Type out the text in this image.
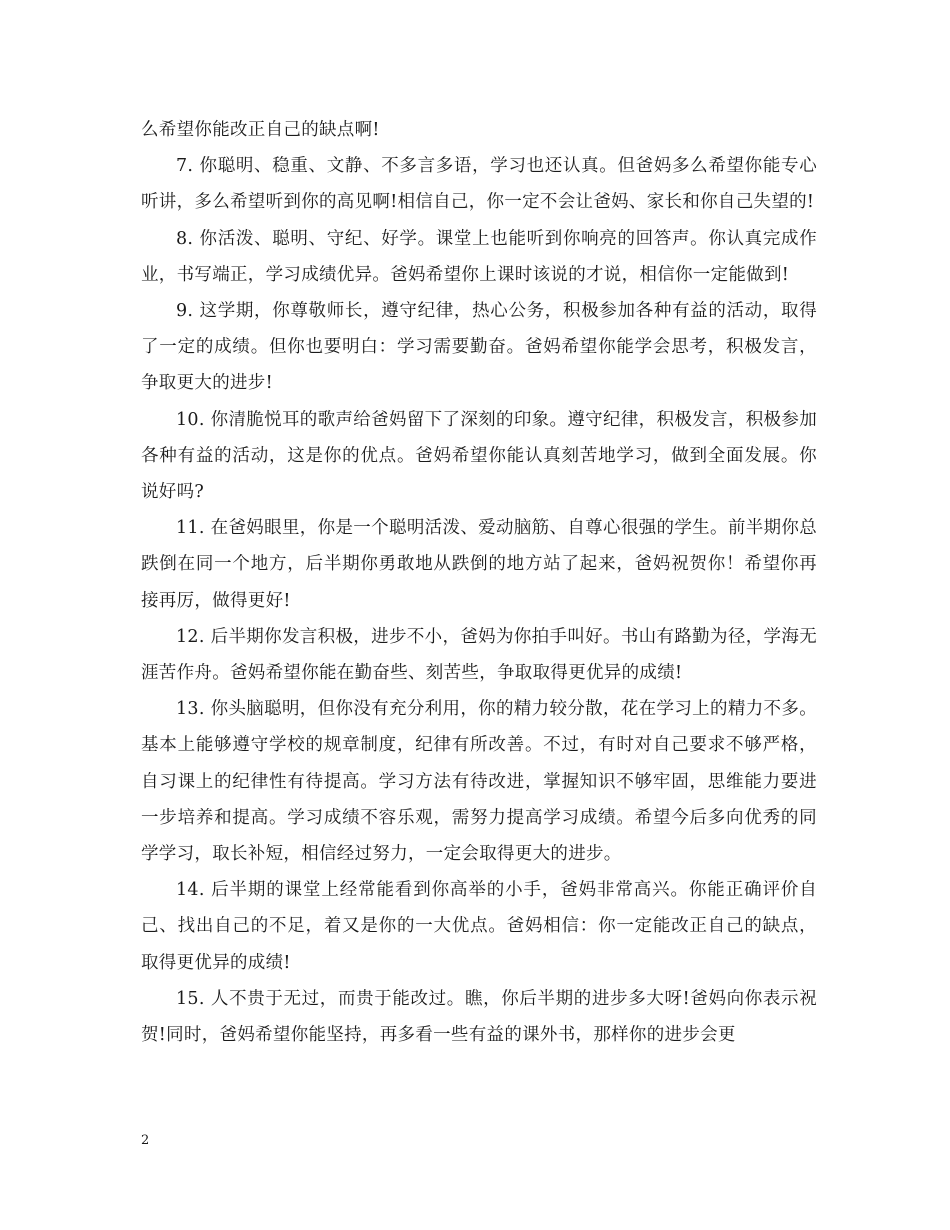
么希望你能改正自己的缺点啊!

7. 你聪明、稳重、文静、不多言多语，学习也还认真。但爸妈多么希望你能专心听讲，多么希望听到你的高见啊!相信自己，你一定不会让爸妈、家长和你自己失望的!

8. 你活泼、聪明、守纪、好学。课堂上也能听到你响亮的回答声。你认真完成作业，书写端正，学习成绩优异。爸妈希望你上课时该说的才说，相信你一定能做到!

9. 这学期，你尊敬师长，遵守纪律，热心公务，积极参加各种有益的活动，取得了一定的成绩。但你也要明白：学习需要勤奋。爸妈希望你能学会思考，积极发言，争取更大的进步!

10. 你清脆悦耳的歌声给爸妈留下了深刻的印象。遵守纪律，积极发言，积极参加各种有益的活动，这是你的优点。爸妈希望你能认真刻苦地学习，做到全面发展。你说好吗?

11. 在爸妈眼里，你是一个聪明活泼、爱动脑筋、自尊心很强的学生。前半期你总跌倒在同一个地方，后半期你勇敢地从跌倒的地方站了起来，爸妈祝贺你！希望你再接再厉，做得更好!

12. 后半期你发言积极，进步不小，爸妈为你拍手叫好。书山有路勤为径，学海无涯苦作舟。爸妈希望你能在勤奋些、刻苦些，争取取得更优异的成绩!

13. 你头脑聪明，但你没有充分利用，你的精力较分散，花在学习上的精力不多。基本上能够遵守学校的规章制度，纪律有所改善。不过，有时对自己要求不够严格，自习课上的纪律性有待提高。学习方法有待改进，掌握知识不够牢固，思维能力要进一步培养和提高。学习成绩不容乐观，需努力提高学习成绩。希望今后多向优秀的同学学习，取长补短，相信经过努力，一定会取得更大的进步。

14. 后半期的课堂上经常能看到你高举的小手，爸妈非常高兴。你能正确评价自己、找出自己的不足，着又是你的一大优点。爸妈相信：你一定能改正自己的缺点，取得更优异的成绩!

15. 人不贵于无过，而贵于能改过。瞧，你后半期的进步多大呀!爸妈向你表示祝贺!同时，爸妈希望你能坚持，再多看一些有益的课外书，那样你的进步会更

2
